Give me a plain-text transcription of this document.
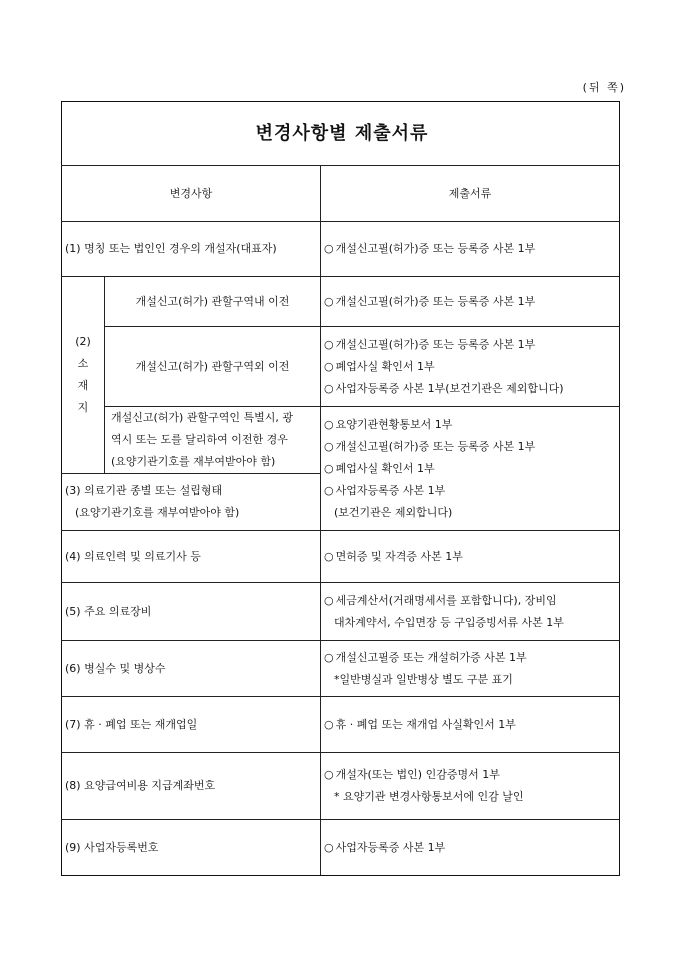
(뒤 쪽)
변경사항별 제출서류		
변경사항		제출서류
(1) 명칭 또는 법인인 경우의 개설자(대표자)		○ 개설신고필(허가)증 또는 등록증 사본 1부

(2)
소
재
지	개설신고(허가) 관할구역내 이전	○ 개설신고필(허가)증 또는 등록증 사본 1부

	개설신고(허가) 관할구역외 이전	○ 개설신고필(허가)증 또는 등록증 사본 1부
○ 폐업사실 확인서 1부
○ 사업자등록증 사본 1부(보건기관은 제외합니다)

	개설신고(허가) 관할구역인 특별시, 광
역시 또는 도를 달리하여 이전한 경우
(요양기관기호를 재부여받아야 함)	○ 요양기관현황통보서 1부
○ 개설신고필(허가)증 또는 등록증 사본 1부
○ 폐업사실 확인서 1부
○ 사업자등록증 사본 1부
(보건기관은 제외합니다)

(3) 의료기관 종별 또는 설립형태
(요양기관기호를 재부여받아야 함)		

(4) 의료인력 및 의료기사 등		○ 면허증 및 자격증 사본 1부

(5) 주요 의료장비		○ 세금계산서(거래명세서를 포함합니다), 장비임
대차계약서, 수입면장 등 구입증빙서류 사본 1부

(6) 병실수 및 병상수		○ 개설신고필증 또는 개설허가증 사본 1부
*일반병실과 일반병상 별도 구분 표기

(7) 휴 · 폐업 또는 재개업일		○ 휴 · 폐업 또는 재개업 사실확인서 1부

(8) 요양급여비용 지급계좌번호		○ 개설자(또는 법인) 인감증명서 1부
* 요양기관 변경사항통보서에 인감 날인

(9) 사업자등록번호		○ 사업자등록증 사본 1부
